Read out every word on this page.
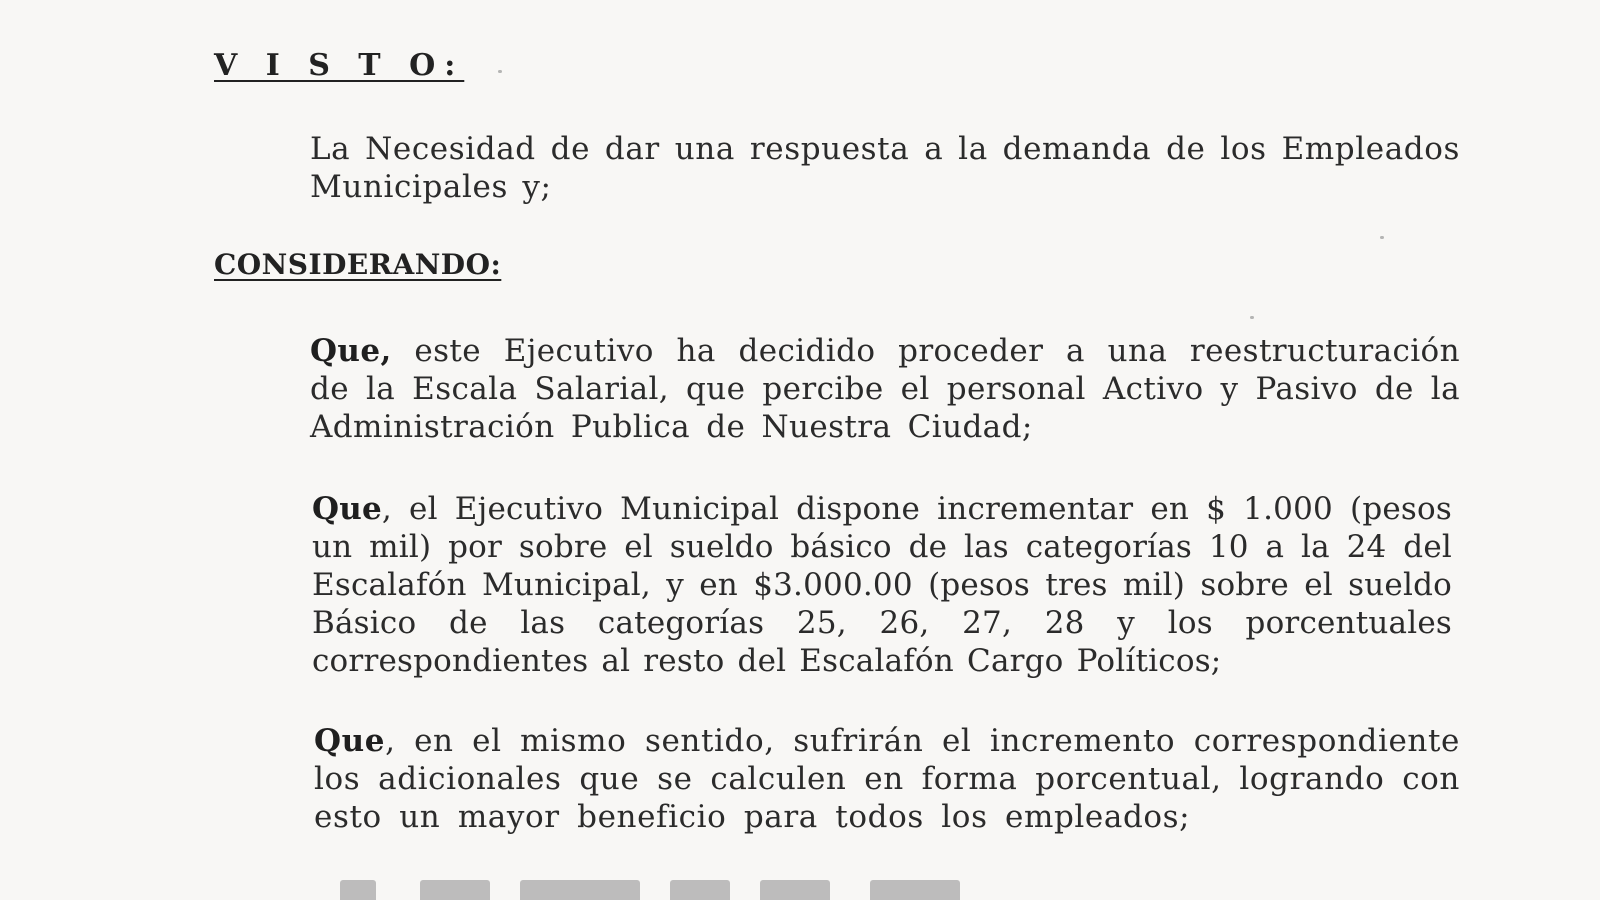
V I S T O:
La Necesidad de dar una respuesta a la demanda de los Empleados Municipales y;
CONSIDERANDO:
Que, este Ejecutivo ha decidido proceder a una reestructuración de la Escala Salarial, que percibe el personal Activo y Pasivo de la Administración Publica de Nuestra Ciudad;
Que, el Ejecutivo Municipal dispone incrementar en $ 1.000 (pesos un mil) por sobre el sueldo básico de las categorías 10 a la 24 del Escalafón Municipal, y en $3.000.00 (pesos tres mil) sobre el sueldo Básico de las categorías 25, 26, 27, 28 y los porcentuales correspondientes al resto del Escalafón Cargo Políticos;
Que, en el mismo sentido, sufrirán el incremento correspondiente los adicionales que se calculen en forma porcentual, logrando con esto un mayor beneficio para todos los empleados;
